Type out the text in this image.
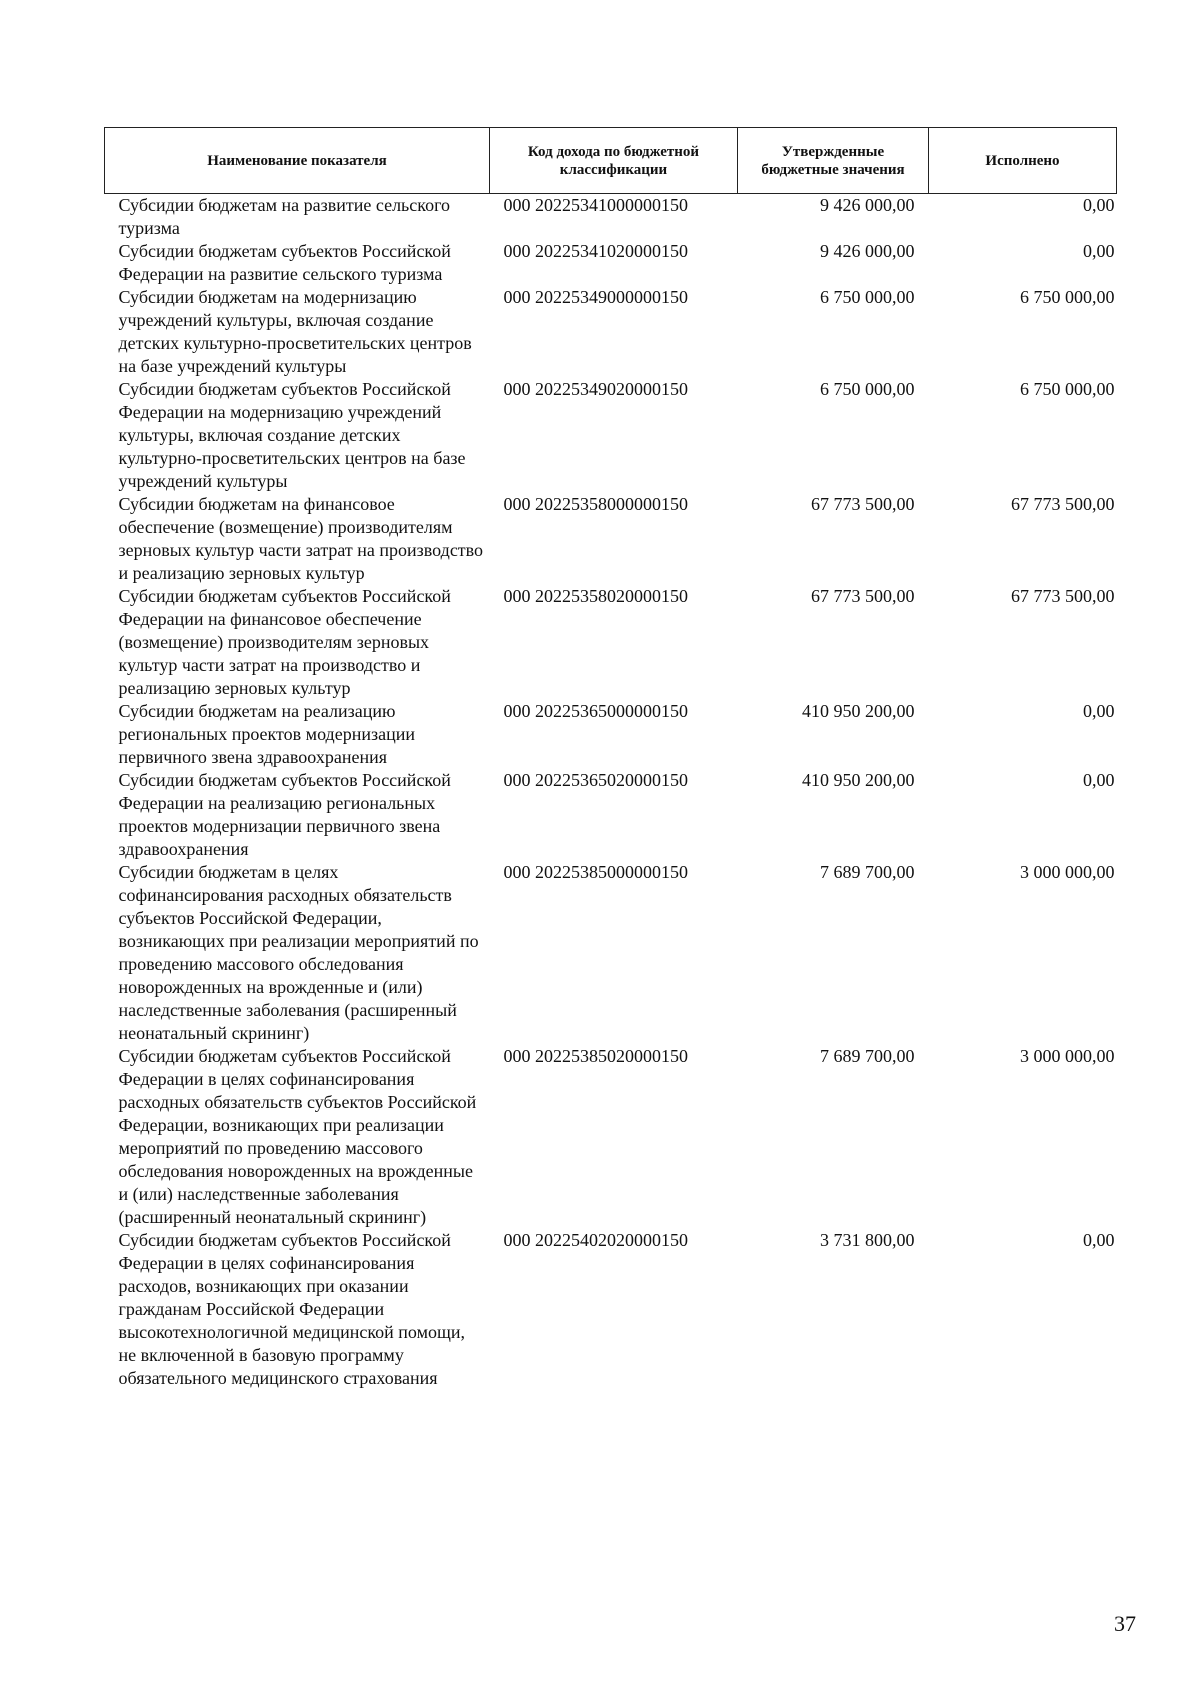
Наименование показателя	Код дохода по бюджетной классификации	Утвержденные бюджетные значения	Исполнено
Субсидии бюджетам на развитие сельского туризма	000 20225341000000150	9 426 000,00	0,00
Субсидии бюджетам субъектов Российской Федерации на развитие сельского туризма	000 20225341020000150	9 426 000,00	0,00
Субсидии бюджетам на модернизацию учреждений культуры, включая создание детских культурно-просветительских центров на базе учреждений культуры	000 20225349000000150	6 750 000,00	6 750 000,00
Субсидии бюджетам субъектов Российской Федерации на модернизацию учреждений культуры, включая создание детских культурно-просветительских центров на базе учреждений культуры	000 20225349020000150	6 750 000,00	6 750 000,00
Субсидии бюджетам на финансовое обеспечение (возмещение) производителям зерновых культур части затрат на производство и реализацию зерновых культур	000 20225358000000150	67 773 500,00	67 773 500,00
Субсидии бюджетам субъектов Российской Федерации на финансовое обеспечение (возмещение) производителям зерновых культур части затрат на производство и реализацию зерновых культур	000 20225358020000150	67 773 500,00	67 773 500,00
Субсидии бюджетам на реализацию региональных проектов модернизации первичного звена здравоохранения	000 20225365000000150	410 950 200,00	0,00
Субсидии бюджетам субъектов Российской Федерации на реализацию региональных проектов модернизации первичного звена здравоохранения	000 20225365020000150	410 950 200,00	0,00
Субсидии бюджетам в целях софинансирования расходных обязательств субъектов Российской Федерации, возникающих при реализации мероприятий по проведению массового обследования новорожденных на врожденные и (или) наследственные заболевания (расширенный неонатальный скрининг)	000 20225385000000150	7 689 700,00	3 000 000,00
Субсидии бюджетам субъектов Российской Федерации в целях софинансирования расходных обязательств субъектов Российской Федерации, возникающих при реализации мероприятий по проведению массового обследования новорожденных на врожденные и (или) наследственные заболевания (расширенный неонатальный скрининг)	000 20225385020000150	7 689 700,00	3 000 000,00
Субсидии бюджетам субъектов Российской Федерации в целях софинансирования расходов, возникающих при оказании гражданам Российской Федерации высокотехнологичной медицинской помощи, не включенной в базовую программу обязательного медицинского страхования	000 20225402020000150	3 731 800,00	0,00
37
